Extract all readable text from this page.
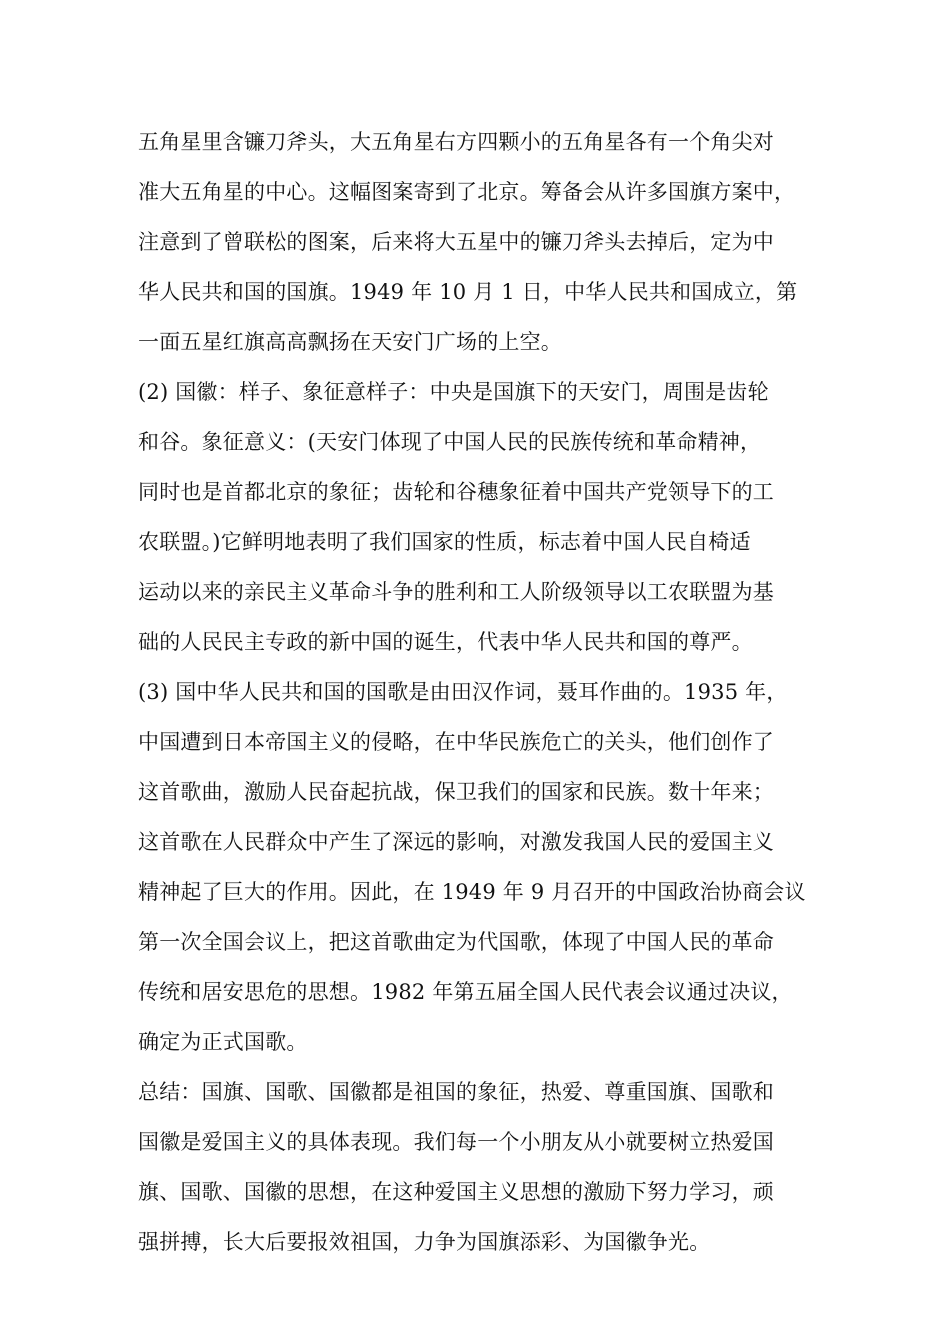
五角星里含镰刀斧头，大五角星右方四颗小的五角星各有一个角尖对
准大五角星的中心。这幅图案寄到了北京。筹备会从许多国旗方案中，
注意到了曾联松的图案，后来将大五星中的镰刀斧头去掉后，定为中
华人民共和国的国旗。1949 年 10 月 1 日，中华人民共和国成立，第
一面五星红旗高高飘扬在天安门广场的上空。
(2) 国徽：样子、象征意样子：中央是国旗下的天安门，周围是齿轮
和谷。象征意义：(天安门体现了中国人民的民族传统和革命精神，
同时也是首都北京的象征；齿轮和谷穗象征着中国共产党领导下的工
农联盟。)它鲜明地表明了我们国家的性质，标志着中国人民自椅适
运动以来的亲民主义革命斗争的胜利和工人阶级领导以工农联盟为基
础的人民民主专政的新中国的诞生，代表中华人民共和国的尊严。
(3) 国中华人民共和国的国歌是由田汉作词，聂耳作曲的。1935 年，
中国遭到日本帝国主义的侵略，在中华民族危亡的关头，他们创作了
这首歌曲，激励人民奋起抗战，保卫我们的国家和民族。数十年来；
这首歌在人民群众中产生了深远的影响，对激发我国人民的爱国主义
精神起了巨大的作用。因此，在 1949 年 9 月召开的中国政治协商会议
第一次全国会议上，把这首歌曲定为代国歌，体现了中国人民的革命
传统和居安思危的思想。1982 年第五届全国人民代表会议通过决议，
确定为正式国歌。
总结：国旗、国歌、国徽都是祖国的象征，热爱、尊重国旗、国歌和
国徽是爱国主义的具体表现。我们每一个小朋友从小就要树立热爱国
旗、国歌、国徽的思想，在这种爱国主义思想的激励下努力学习，顽
强拼搏，长大后要报效祖国，力争为国旗添彩、为国徽争光。
